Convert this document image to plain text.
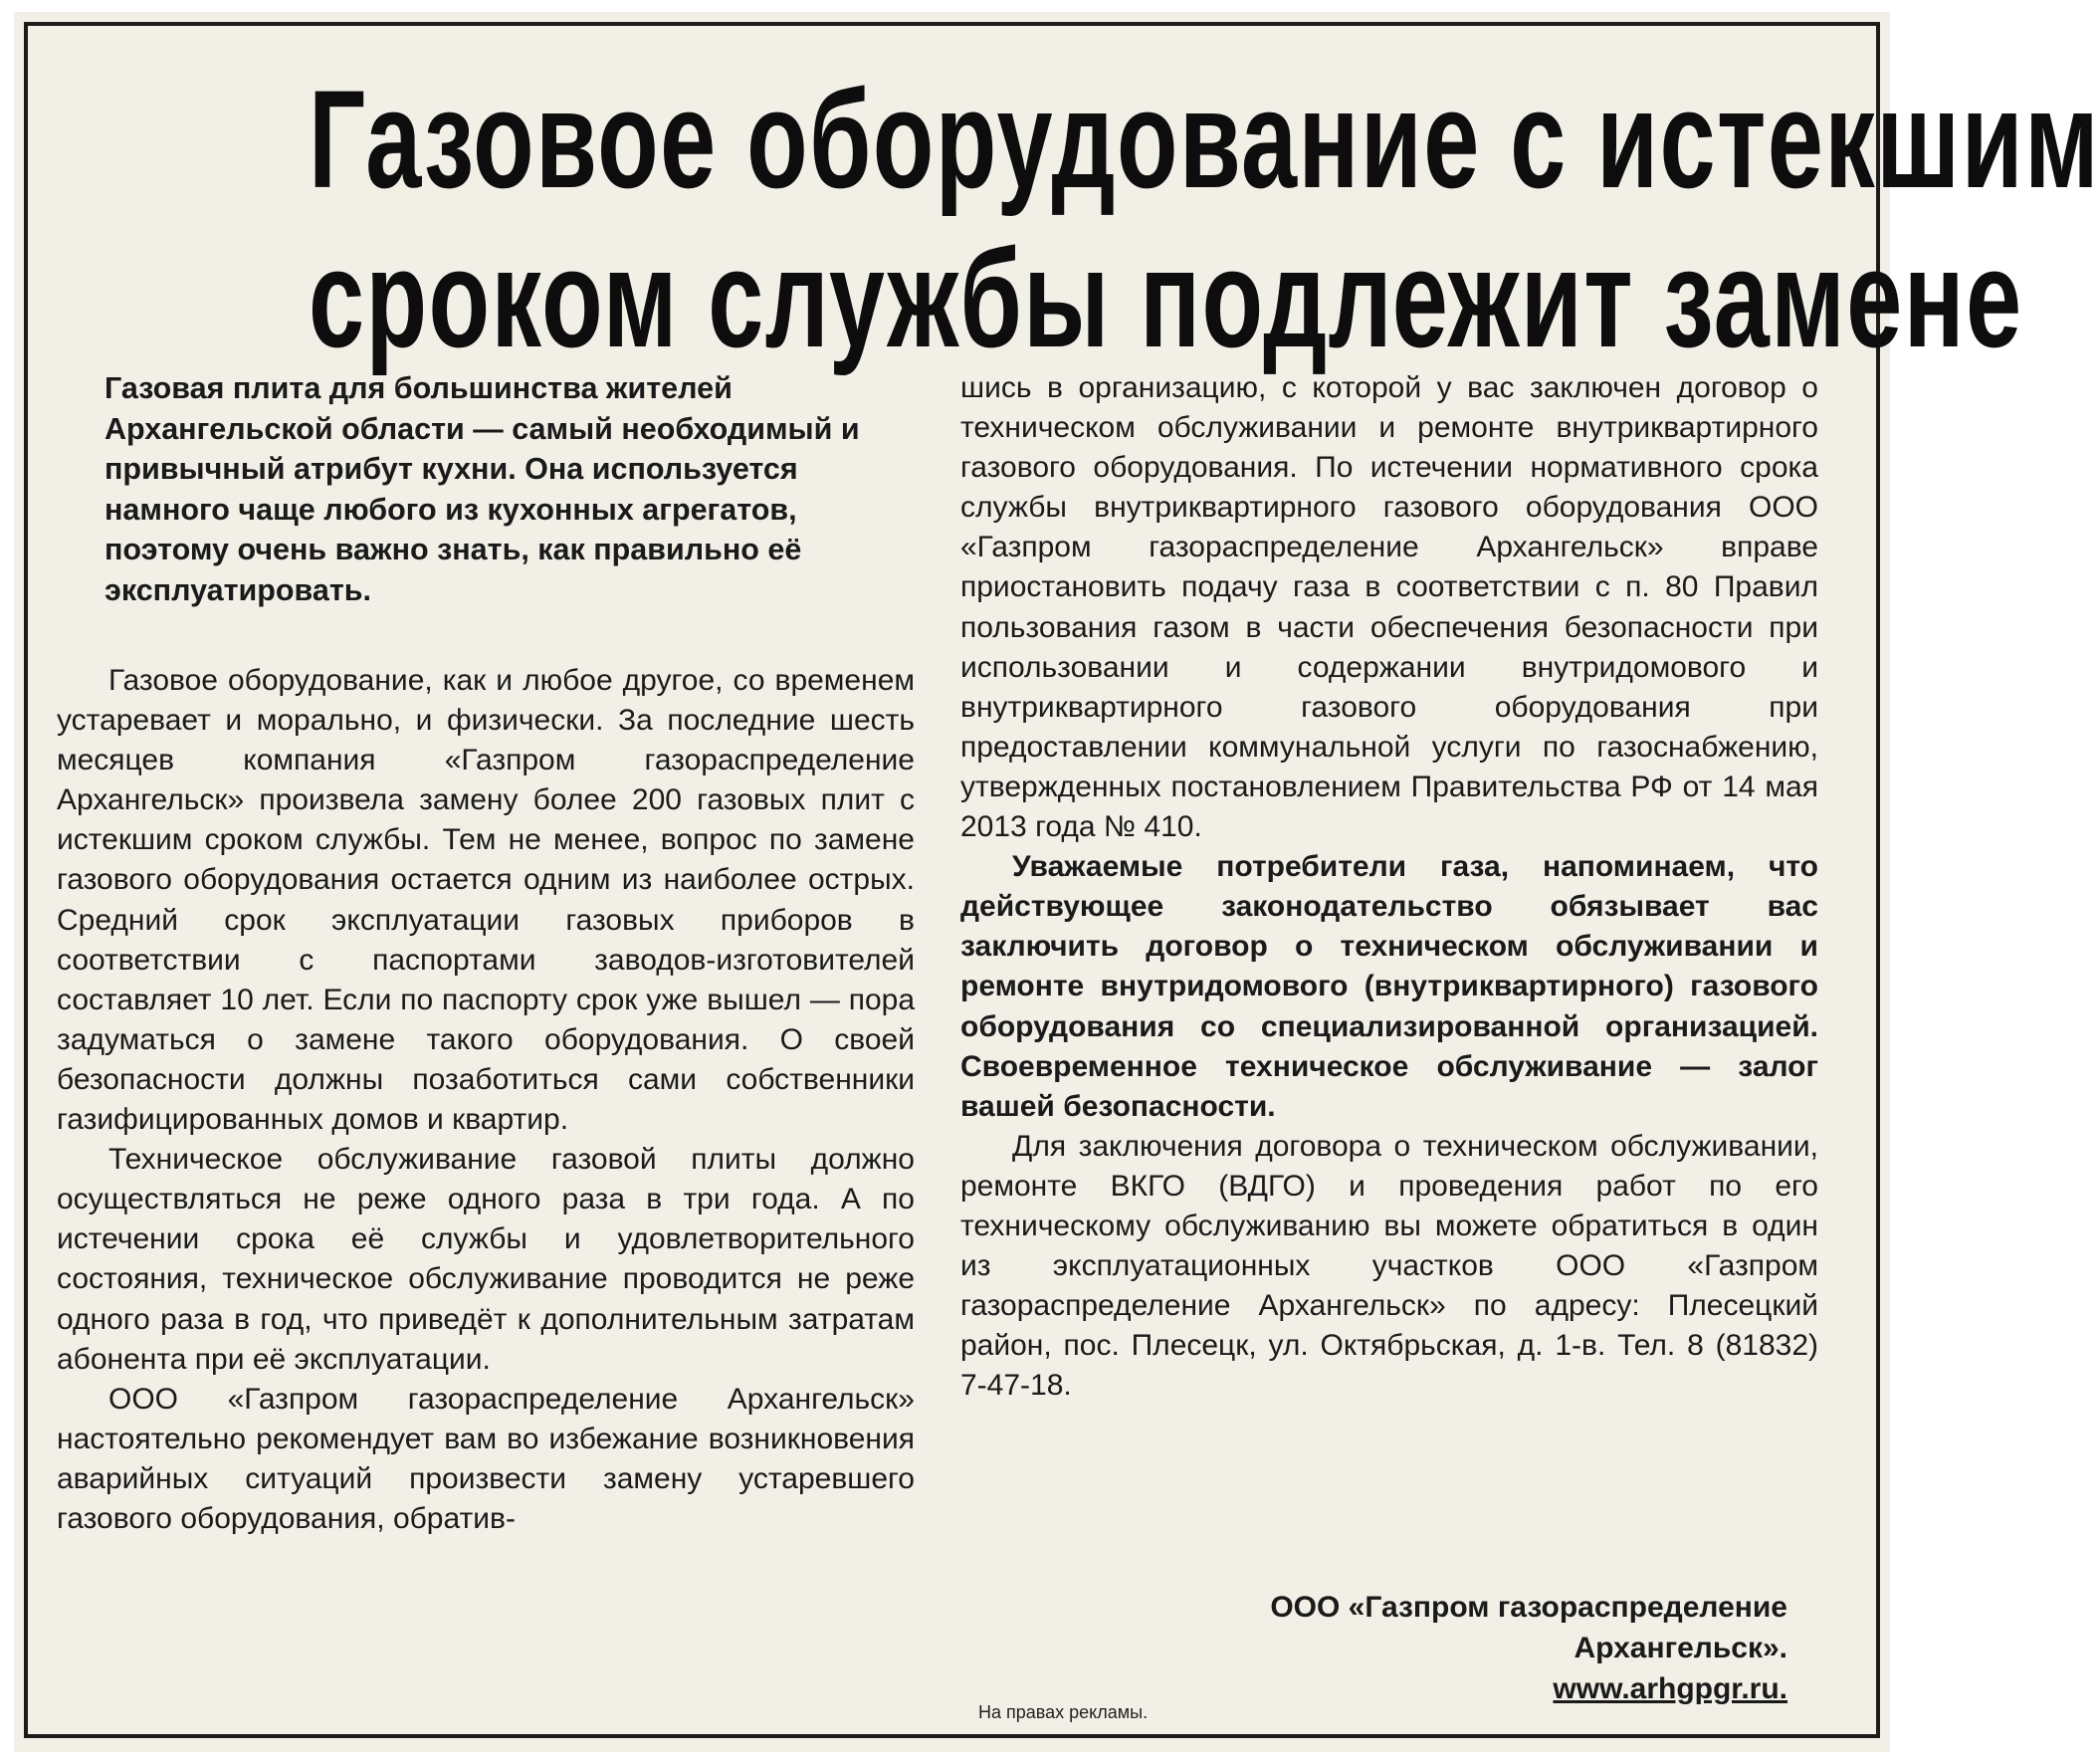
Газовое оборудование с истекшим
сроком службы подлежит замене

Газовая плита для большинства жителей Архангельской области — самый необходимый и привычный атрибут кухни. Она используется намного чаще любого из кухонных агрегатов, поэтому очень важно знать, как правильно её эксплуатировать.

Газовое оборудование, как и любое другое, со временем устаревает и морально, и физически. За последние шесть месяцев компания «Газпром газораспределение Архангельск» произвела замену более 200 газовых плит с истекшим сроком службы. Тем не менее, вопрос по замене газового оборудования остается одним из наиболее острых. Средний срок эксплуатации газовых приборов в соответствии с паспортами заводов-изготовителей составляет 10 лет. Если по паспорту срок уже вышел — пора задуматься о замене такого оборудования. О своей безопасности должны позаботиться сами собственники газифицированных домов и квартир.

Техническое обслуживание газовой плиты должно осуществляться не реже одного раза в три года. А по истечении срока её службы и удовлетворительного состояния, техническое обслуживание проводится не реже одного раза в год, что приведёт к дополнительным затратам абонента при её эксплуатации.

ООО «Газпром газораспределение Архангельск» настоятельно рекомендует вам во избежание возникновения аварийных ситуаций произвести замену устаревшего газового оборудования, обратив-

шись в организацию, с которой у вас заключен договор о техническом обслуживании и ремонте внутриквартирного газового оборудования. По истечении нормативного срока службы внутриквартирного газового оборудования ООО «Газпром газораспределение Архангельск» вправе приостановить подачу газа в соответствии с п. 80 Правил пользования газом в части обеспечения безопасности при использовании и содержании внутридомового и внутриквартирного газового оборудования при предоставлении коммунальной услуги по газоснабжению, утвержденных постановлением Правительства РФ от 14 мая 2013 года № 410.

Уважаемые потребители газа, напоминаем, что действующее законодательство обязывает вас заключить договор о техническом обслуживании и ремонте внутридомового (внутриквартирного) газового оборудования со специализированной организацией. Своевременное техническое обслуживание — залог вашей безопасности.

Для заключения договора о техническом обслуживании, ремонте ВКГО (ВДГО) и проведения работ по его техническому обслуживанию вы можете обратиться в один из эксплуатационных участков ООО «Газпром газораспределение Архангельск» по адресу: Плесецкий район, пос. Плесецк, ул. Октябрьская, д. 1-в. Тел. 8 (81832) 7-47-18.

ООО «Газпром газораспределение
Архангельск».
www.arhgpgr.ru.
На правах рекламы.
